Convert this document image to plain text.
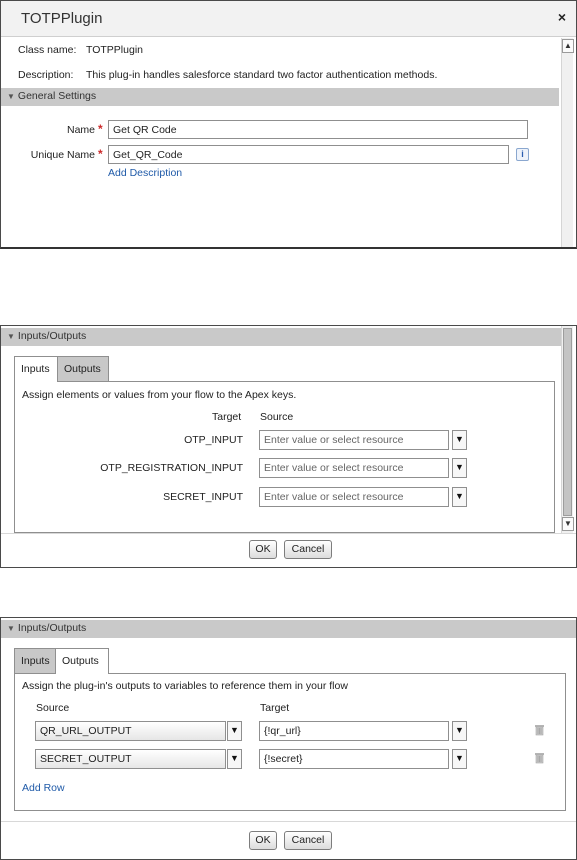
TOTPPlugin	×
Class name: TOTPPlugin
Description: This plug-in handles salesforce standard two factor authentication methods.
▼ General Settings
Name *
Get QR Code
Unique Name *
Get_QR_Code	i
Add Description
▲
▼ Inputs/Outputs
Inputs	Outputs
Assign elements or values from your flow to the Apex keys.
Target Source
OTP_INPUT	Enter value or select resource	▼
OTP_REGISTRATION_INPUT	Enter value or select resource	▼
SECRET_INPUT	Enter value or select resource	▼
▼
OK	Cancel
▼ Inputs/Outputs
Inputs	Outputs
Assign the plug-in's outputs to variables to reference them in your flow
Source	Target
QR_URL_OUTPUT	▼	{!qr_url}	▼
SECRET_OUTPUT	▼	{!secret}	▼
Add Row
OK	Cancel
